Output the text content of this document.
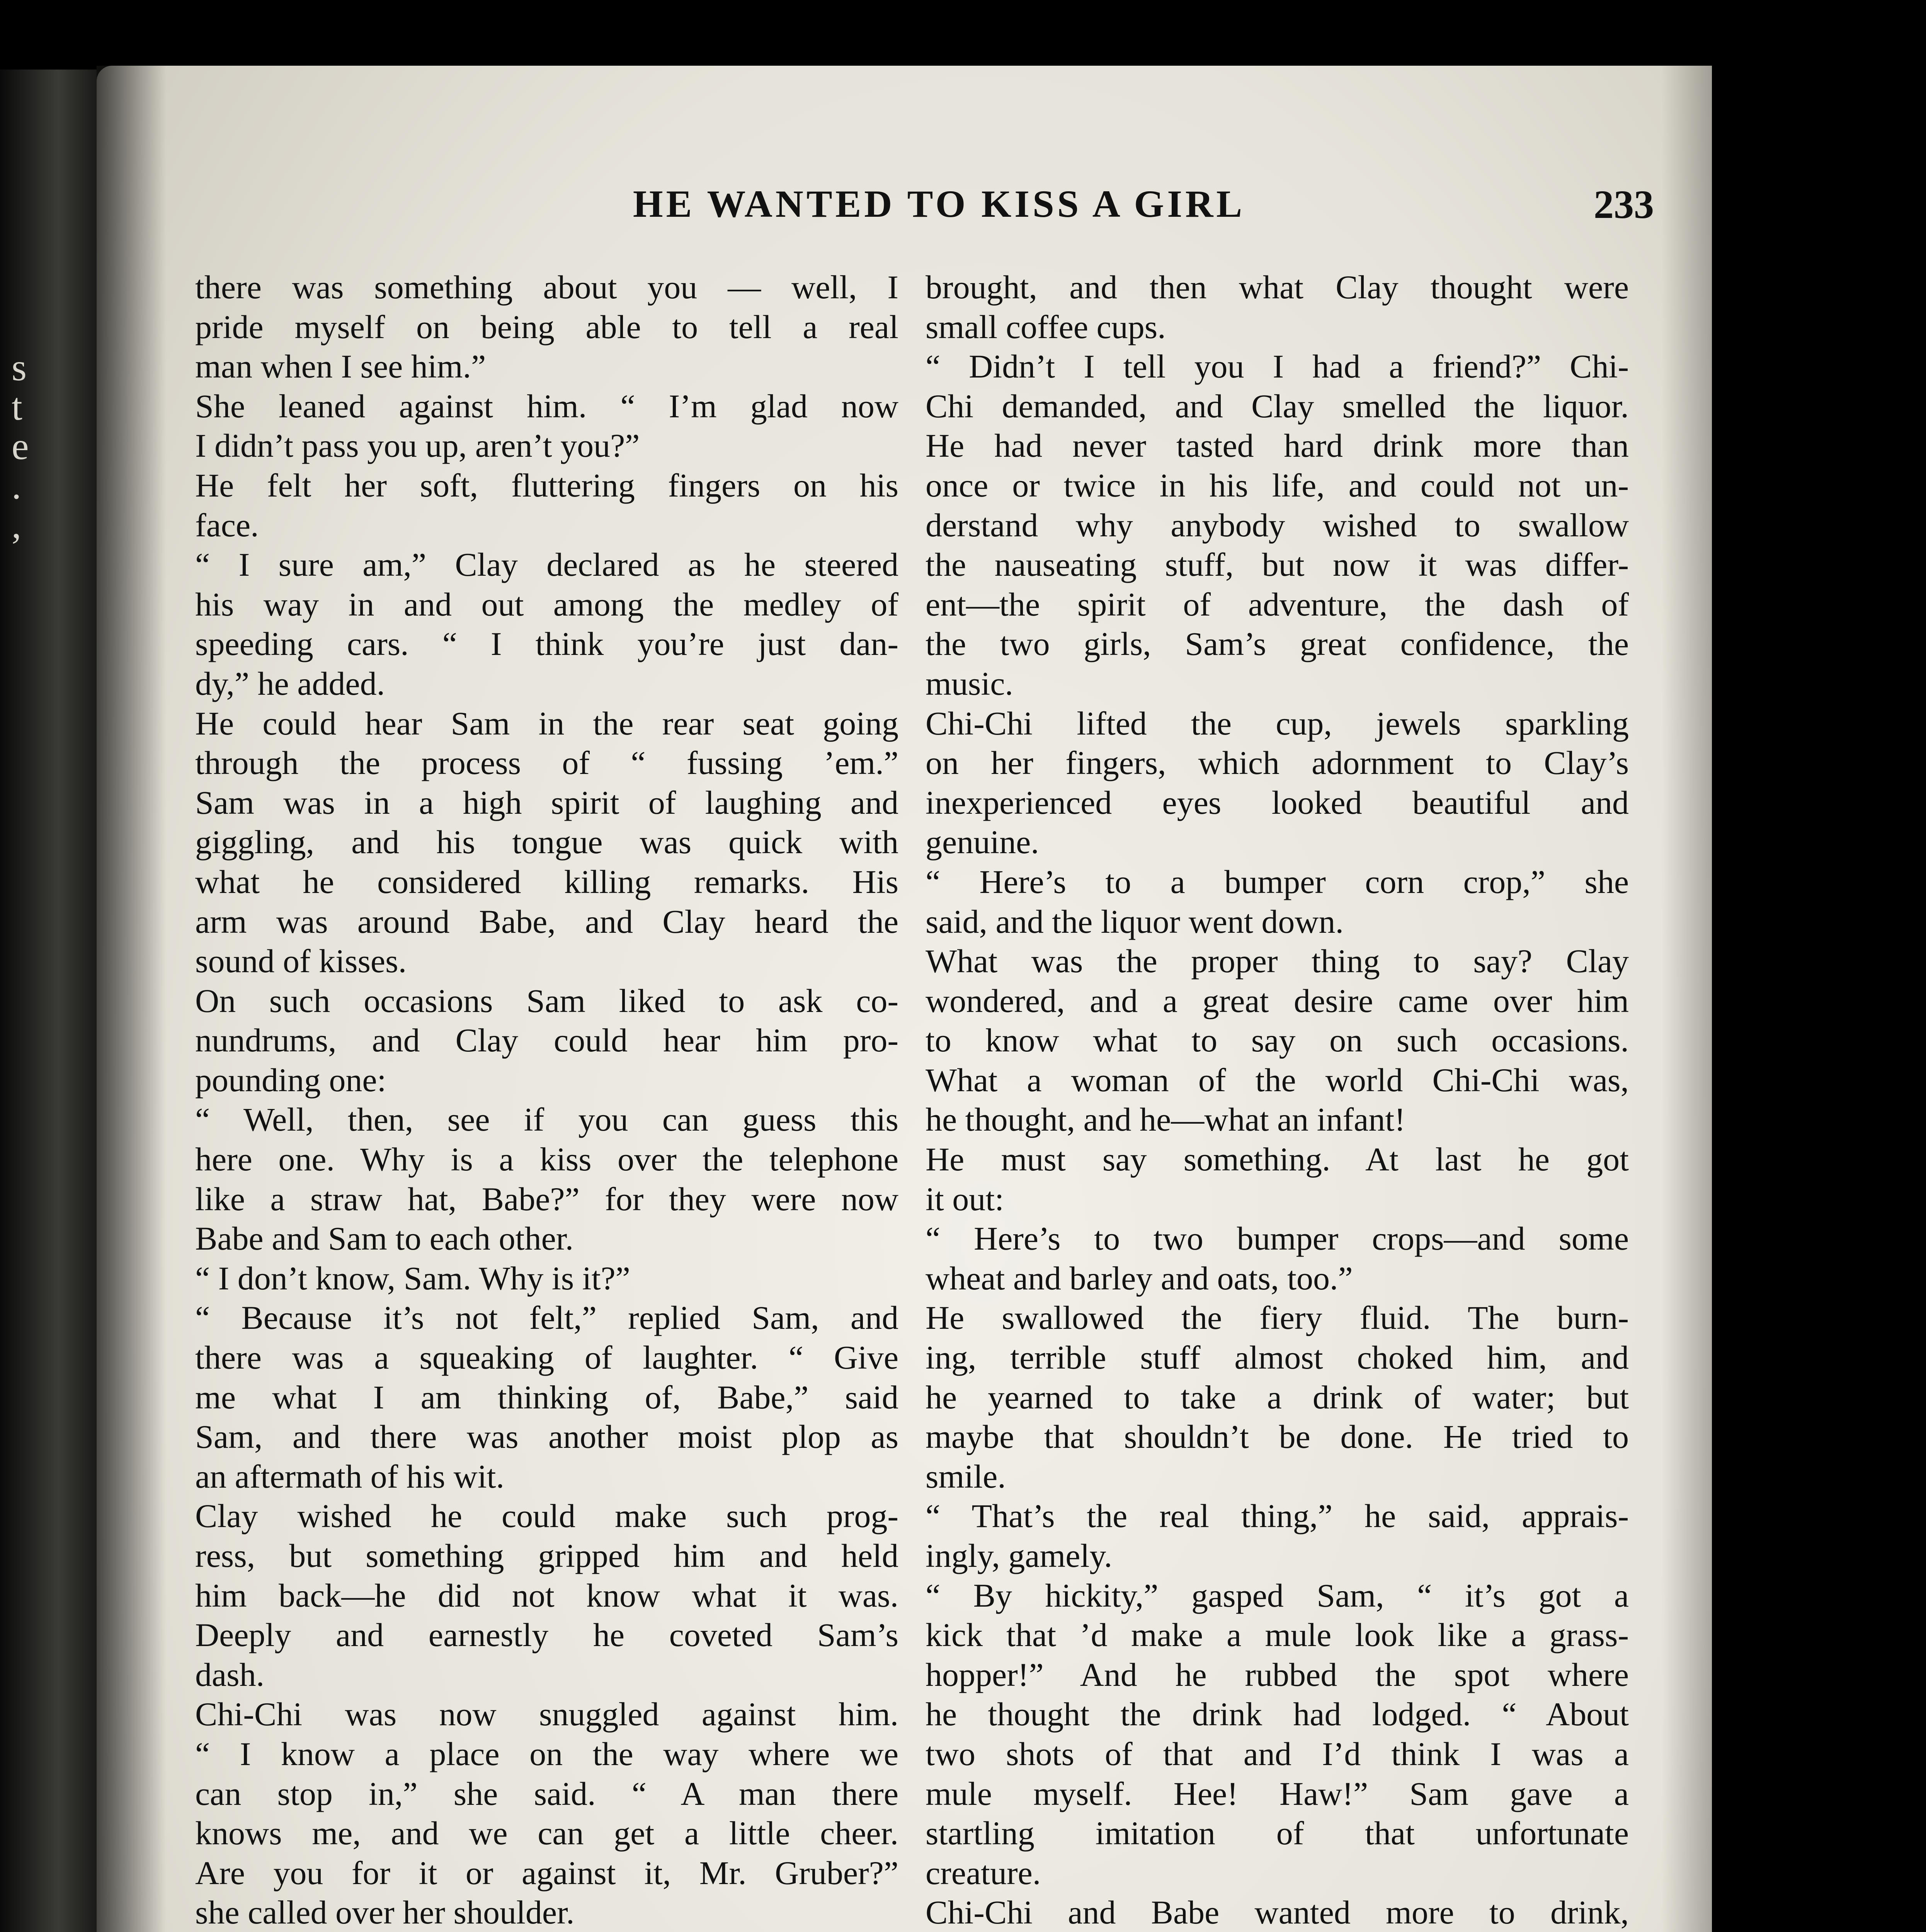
s
t
e
.
,
HE WANTED TO KISS A GIRL	233
there was something about you — well, I
pride myself on being able to tell a real
man when I see him.”
She leaned against him. “ I’m glad now
I didn’t pass you up, aren’t you?”
He felt her soft, fluttering fingers on his
face.
“ I sure am,” Clay declared as he steered
his way in and out among the medley of
speeding cars. “ I think you’re just dan-
dy,” he added.
He could hear Sam in the rear seat going
through the process of “ fussing ’em.”
Sam was in a high spirit of laughing and
giggling, and his tongue was quick with
what he considered killing remarks. His
arm was around Babe, and Clay heard the
sound of kisses.
On such occasions Sam liked to ask co-
nundrums, and Clay could hear him pro-
pounding one:
“ Well, then, see if you can guess this
here one. Why is a kiss over the telephone
like a straw hat, Babe?” for they were now
Babe and Sam to each other.
“ I don’t know, Sam. Why is it?”
“ Because it’s not felt,” replied Sam, and
there was a squeaking of laughter. “ Give
me what I am thinking of, Babe,” said
Sam, and there was another moist plop as
an aftermath of his wit.
Clay wished he could make such prog-
ress, but something gripped him and held
him back—he did not know what it was.
Deeply and earnestly he coveted Sam’s
dash.
Chi-Chi was now snuggled against him.
“ I know a place on the way where we
can stop in,” she said. “ A man there
knows me, and we can get a little cheer.
Are you for it or against it, Mr. Gruber?”
she called over her shoulder.
brought, and then what Clay thought were
small coffee cups.
“ Didn’t I tell you I had a friend?” Chi-
Chi demanded, and Clay smelled the liquor.
He had never tasted hard drink more than
once or twice in his life, and could not un-
derstand why anybody wished to swallow
the nauseating stuff, but now it was differ-
ent—the spirit of adventure, the dash of
the two girls, Sam’s great confidence, the
music.
Chi-Chi lifted the cup, jewels sparkling
on her fingers, which adornment to Clay’s
inexperienced eyes looked beautiful and
genuine.
“ Here’s to a bumper corn crop,” she
said, and the liquor went down.
What was the proper thing to say? Clay
wondered, and a great desire came over him
to know what to say on such occasions.
What a woman of the world Chi-Chi was,
he thought, and he—what an infant!
He must say something. At last he got
it out:
“ Here’s to two bumper crops—and some
wheat and barley and oats, too.”
He swallowed the fiery fluid. The burn-
ing, terrible stuff almost choked him, and
he yearned to take a drink of water; but
maybe that shouldn’t be done. He tried to
smile.
“ That’s the real thing,” he said, apprais-
ingly, gamely.
“ By hickity,” gasped Sam, “ it’s got a
kick that ’d make a mule look like a grass-
hopper!” And he rubbed the spot where
he thought the drink had lodged. “ About
two shots of that and I’d think I was a
mule myself. Hee! Haw!” Sam gave a
startling imitation of that unfortunate
creature.
Chi-Chi and Babe wanted more to drink,
